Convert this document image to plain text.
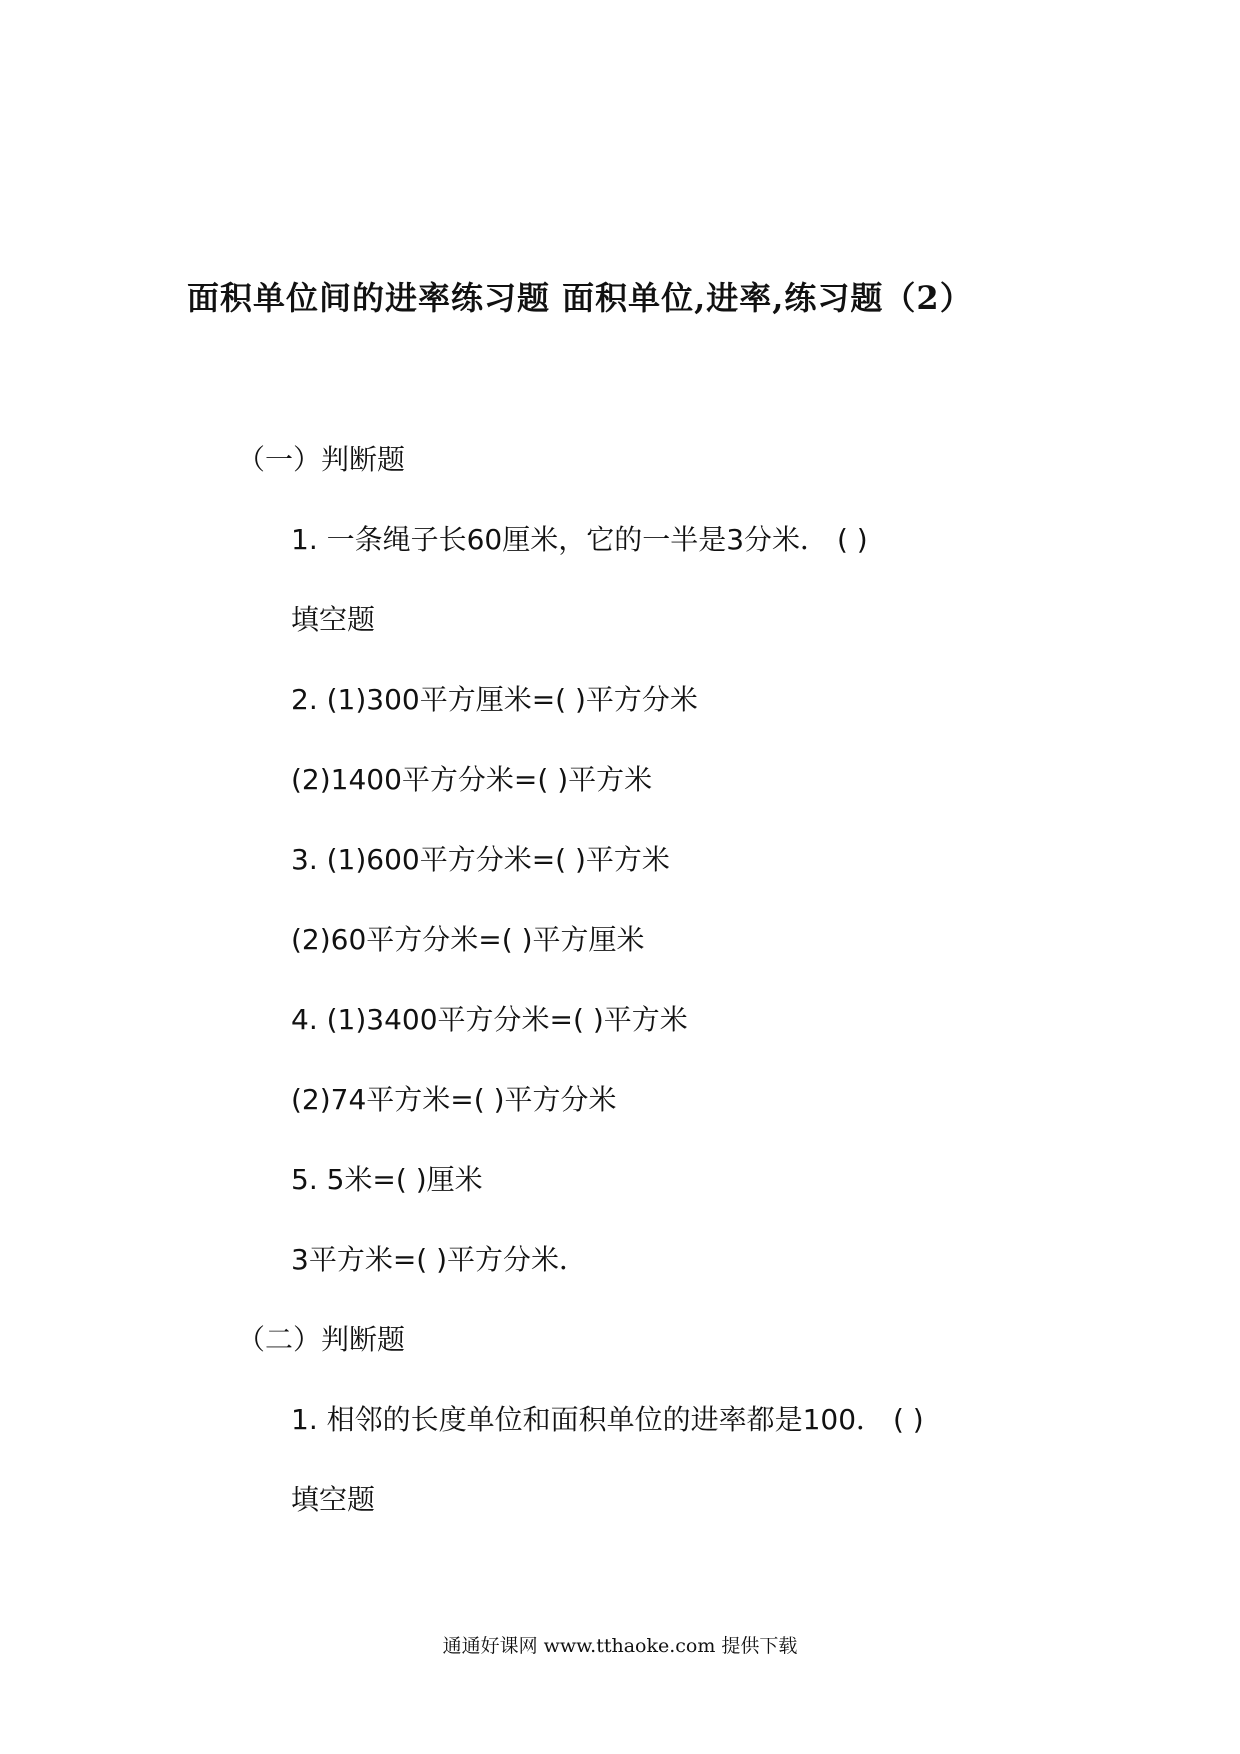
面积单位间的进率练习题 面积单位,进率,练习题（2）
（一）判断题
1. 一条绳子长60厘米，它的一半是3分米． ( )
填空题
2. (1)300平方厘米=( )平方分米
(2)1400平方分米=( )平方米
3. (1)600平方分米=( )平方米
(2)60平方分米=( )平方厘米
4. (1)3400平方分米=( )平方米
(2)74平方米=( )平方分米
5. 5米=( )厘米
3平方米=( )平方分米．
（二）判断题
1. 相邻的长度单位和面积单位的进率都是100． ( )
填空题
通通好课网 www.tthaoke.com 提供下载
